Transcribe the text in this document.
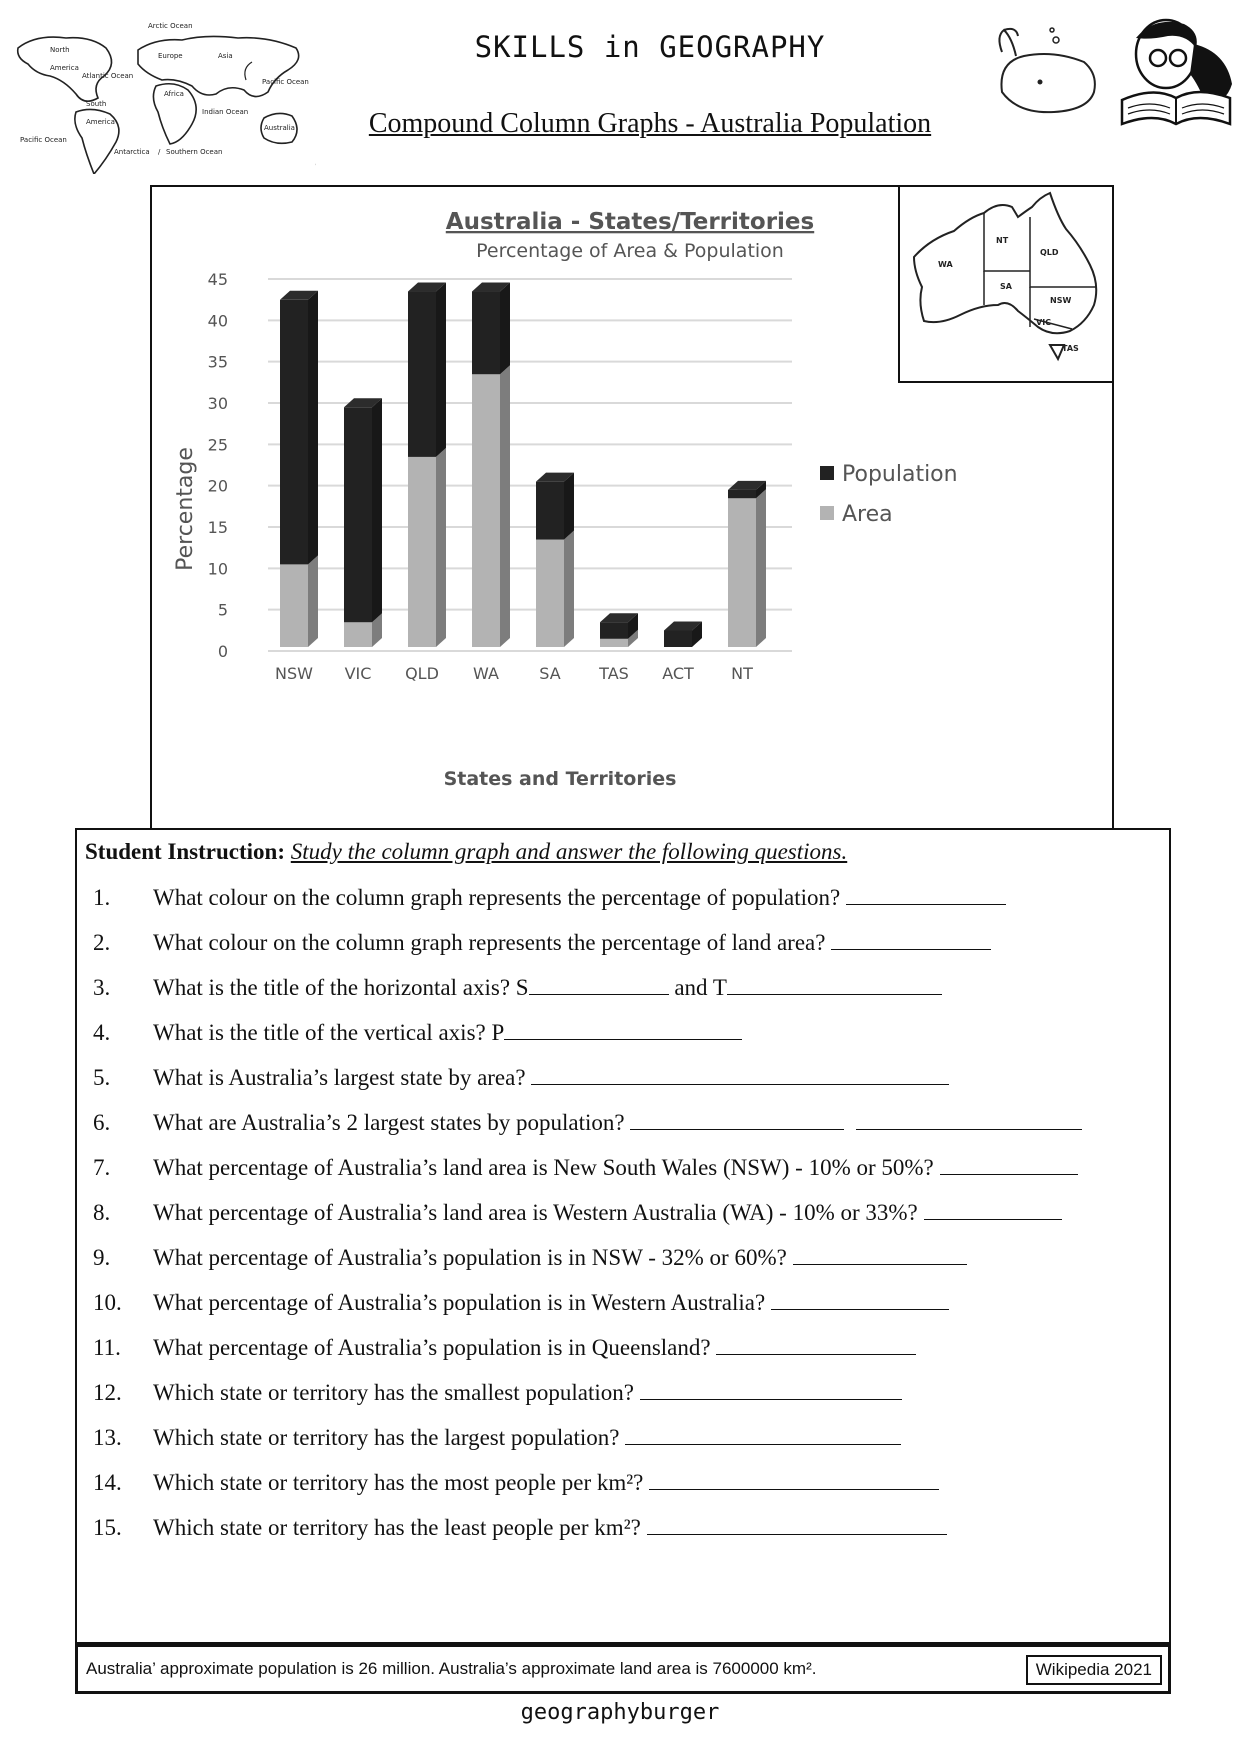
Arctic Ocean North America Europe	Asia Atlantic Ocean Pacific Ocean Africa South America Indian Ocean Australia Pacific Ocean Antarctica / Southern Ocean
SKILLS in GEOGRAPHY
Compound Column Graphs - Australia Population
0
5
10
15
20
25
30
35
40
45
NSW VIC QLD WA	SA TAS ACT NT
Australia - States/Territories
Percentage of Area & Population
Percentage
States and Territories
Population
Area
NT QLD WA SA NSW VIC TAS
Student Instruction: Study the column graph and answer the following questions.
1. What colour on the column graph represents the percentage of population?
2. What colour on the column graph represents the percentage of land area?
3. What is the title of the horizontal axis? S	and T
4. What is the title of the vertical axis? P
5. What is Australia’s largest state by area?
6. What are Australia’s 2 largest states by population?
7. What percentage of Australia’s land area is New South Wales (NSW) - 10% or 50%?
8. What percentage of Australia’s land area is Western Australia (WA) - 10% or 33%?
9. What percentage of Australia’s population is in NSW - 32% or 60%?
10. What percentage of Australia’s population is in Western Australia?
11. What percentage of Australia’s population is in Queensland?
12. Which state or territory has the smallest population?
13. Which state or territory has the largest population?
14. Which state or territory has the most people per km²?
15. Which state or territory has the least people per km²?
Australia’ approximate population is 26 million. Australia’s approximate land area is 7600000 km².	Wikipedia 2021
geographyburger
